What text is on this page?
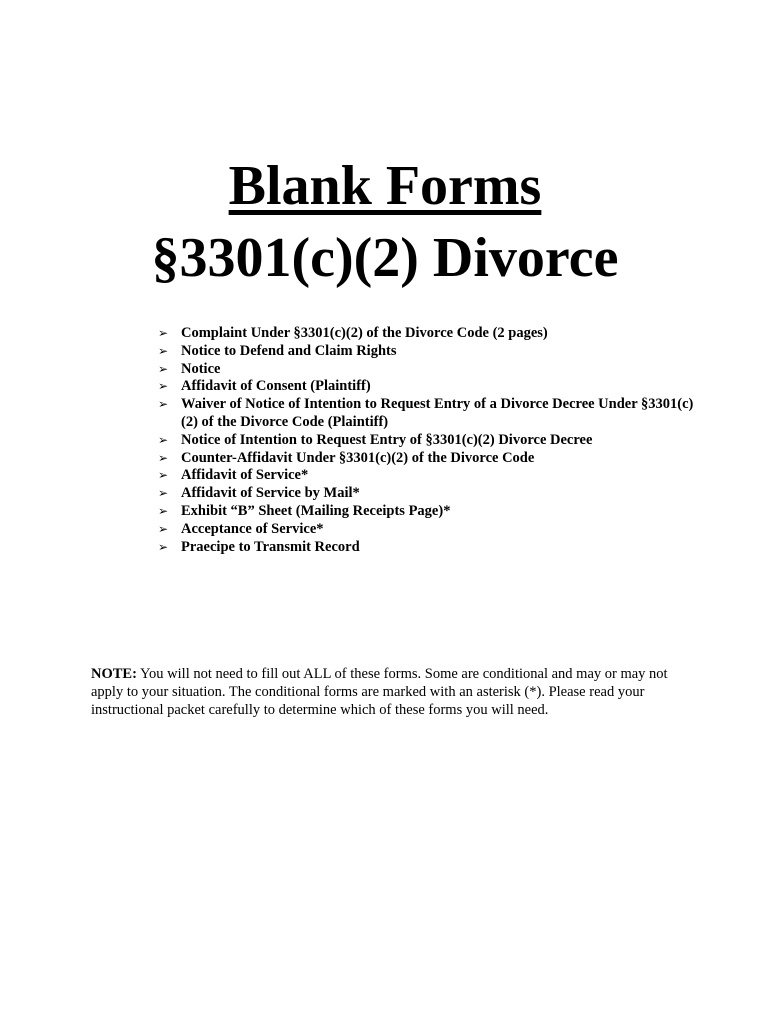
Blank Forms
§3301(c)(2) Divorce
➢ Complaint Under §3301(c)(2) of the Divorce Code (2 pages)
➢ Notice to Defend and Claim Rights
➢ Notice
➢ Affidavit of Consent (Plaintiff)
➢ Waiver of Notice of Intention to Request Entry of a Divorce Decree Under §3301(c)(2) of the Divorce Code (Plaintiff)
➢ Notice of Intention to Request Entry of §3301(c)(2) Divorce Decree
➢ Counter-Affidavit Under §3301(c)(2) of the Divorce Code
➢ Affidavit of Service*
➢ Affidavit of Service by Mail*
➢ Exhibit “B” Sheet (Mailing Receipts Page)*
➢ Acceptance of Service*
➢ Praecipe to Transmit Record

NOTE: You will not need to fill out ALL of these forms. Some are conditional and may or may not apply to your situation. The conditional forms are marked with an asterisk (*). Please read your instructional packet carefully to determine which of these forms you will need.
